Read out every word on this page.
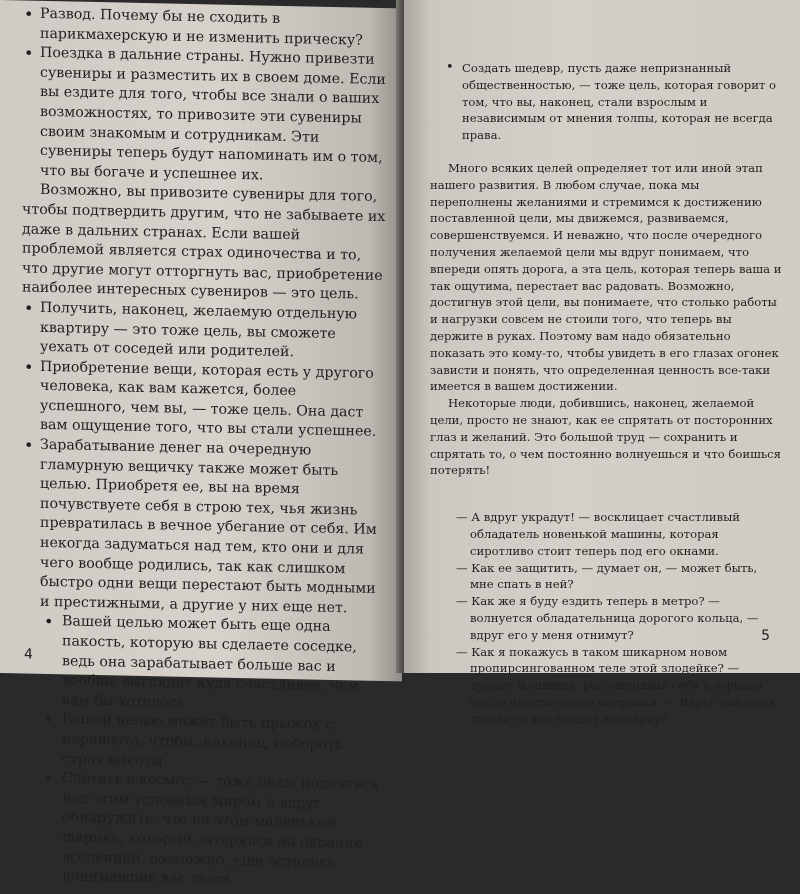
• Развод. Почему бы не сходить в парикмахерскую и не изменить прическу?

• Поездка в дальние страны. Нужно привезти сувениры и разместить их в своем доме. Если вы ездите для того, чтобы все знали о ваших возможностях, то привозите эти сувениры своим знакомым и сотрудникам. Эти сувениры теперь будут напоминать им о том, что вы богаче и успешнее их.

Возможно, вы привозите сувениры для того, чтобы подтвердить другим, что не забываете их даже в дальних странах. Если вашей проблемой является страх одиночества и то, что другие могут отторгнуть вас, приобретение наиболее интересных сувениров — это цель.

• Получить, наконец, желаемую отдельную квартиру — это тоже цель, вы сможете уехать от соседей или родителей.

• Приобретение вещи, которая есть у другого человека, как вам кажется, более успешного, чем вы, — тоже цель. Она даст вам ощущение того, что вы стали успешнее.

• Зарабатывание денег на очередную гламурную вещичку также может быть целью. Приобретя ее, вы на время почувствуете себя в строю тех, чья жизнь превратилась в вечное убегание от себя. Им некогда задуматься над тем, кто они и для чего вообще родились, так как слишком быстро одни вещи перестают быть модными и престижными, а другие у них еще нет.

• Вашей целью может быть еще одна пакость, которую вы сделаете соседке, ведь она зарабатывает больше вас и вообще выглядит куда счастливее, чем вам бы хотелось.

• Вашей целью может быть прыжок с парашюта, чтобы, наконец, побороть страх высоты.

• Слетать в космос — тоже цель: подняться над этим условным миром и вдруг обнаружить, что на этом маленьком шарике, который затерялся на окраине вселенной, возможно, еще остались донимавшие вас люди.

4

• Создать шедевр, пусть даже непризнанный общественностью, — тоже цель, которая говорит о том, что вы, наконец, стали взрослым и независимым от мнения толпы, которая не всегда права.

Много всяких целей определяет тот или иной этап нашего развития. В любом случае, пока мы переполнены желаниями и стремимся к достижению поставленной цели, мы движемся, развиваемся, совершенствуемся. И неважно, что после очередного получения желаемой цели мы вдруг понимаем, что впереди опять дорога, а эта цель, которая теперь ваша и так ощутима, перестает вас радовать. Возможно, достигнув этой цели, вы понимаете, что столько работы и нагрузки совсем не стоили того, что теперь вы держите в руках. Поэтому вам надо обязательно показать это кому-то, чтобы увидеть в его глазах огонек зависти и понять, что определенная ценность все-таки имеется в вашем достижении.

Некоторые люди, добившись, наконец, желаемой цели, просто не знают, как ее спрятать от посторонних глаз и желаний. Это большой труд — сохранить и спрятать то, о чем постоянно волнуешься и что боишься потерять!

— А вдруг украдут! — восклицает счастливый обладатель новенькой машины, которая сиротливо стоит теперь под его окнами.

— Как ее защитить, — думает он, — может быть, мне спать в ней?

— Как же я буду ездить теперь в метро? — волнуется обладательница дорогого кольца, — вдруг его у меня отнимут?

— Как я покажусь в таком шикарном новом пропирсингованном теле этой злодейке? — думает женщина, рассматривая себя в зеркало после пластической операции. — Вдруг она меня сглазит и все пойдет насмарку?

5
